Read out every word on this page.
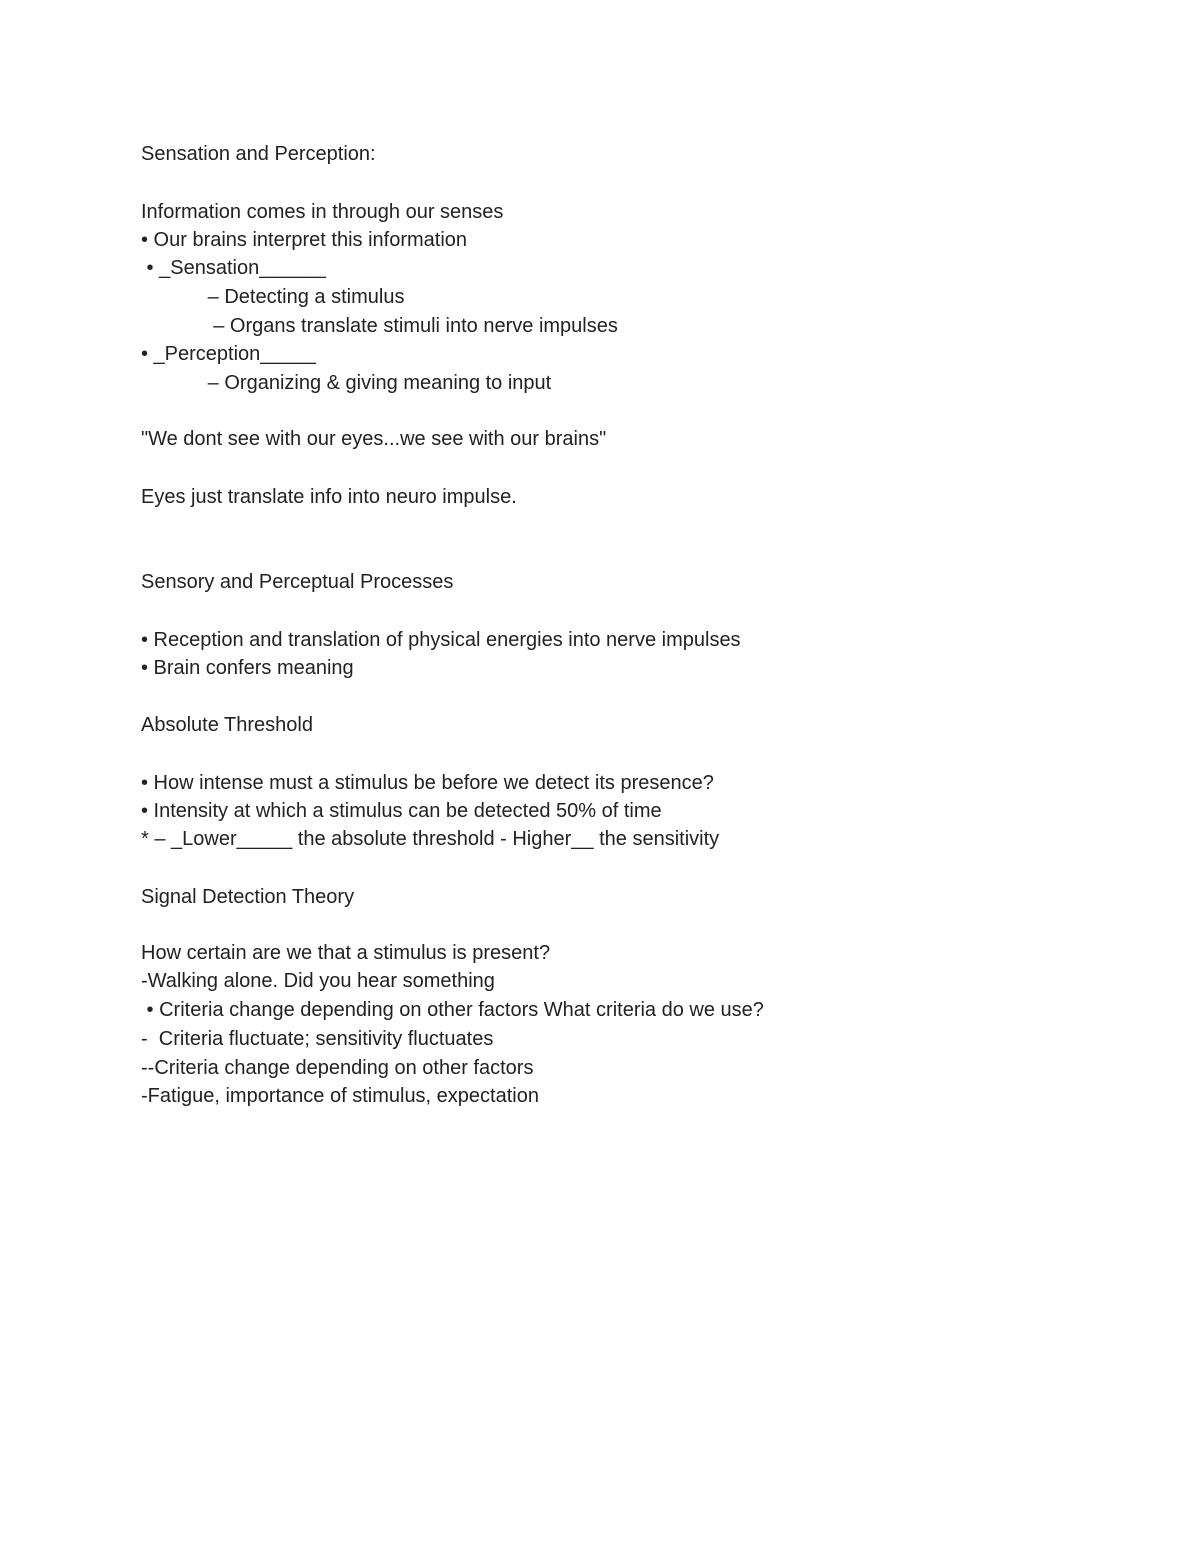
Sensation and Perception:

Information comes in through our senses

• Our brains interpret this information

• _Sensation______

– Detecting a stimulus

– Organs translate stimuli into nerve impulses

• _Perception_____

– Organizing & giving meaning to input

"We dont see with our eyes...we see with our brains"

Eyes just translate info into neuro impulse.

Sensory and Perceptual Processes

• Reception and translation of physical energies into nerve impulses

• Brain confers meaning

Absolute Threshold

• How intense must a stimulus be before we detect its presence?

• Intensity at which a stimulus can be detected 50% of time

* – _Lower_____ the absolute threshold - Higher__ the sensitivity

Signal Detection Theory

How certain are we that a stimulus is present?

-Walking alone. Did you hear something

• Criteria change depending on other factors What criteria do we use?

-  Criteria fluctuate; sensitivity fluctuates

--Criteria change depending on other factors

-Fatigue, importance of stimulus, expectation
